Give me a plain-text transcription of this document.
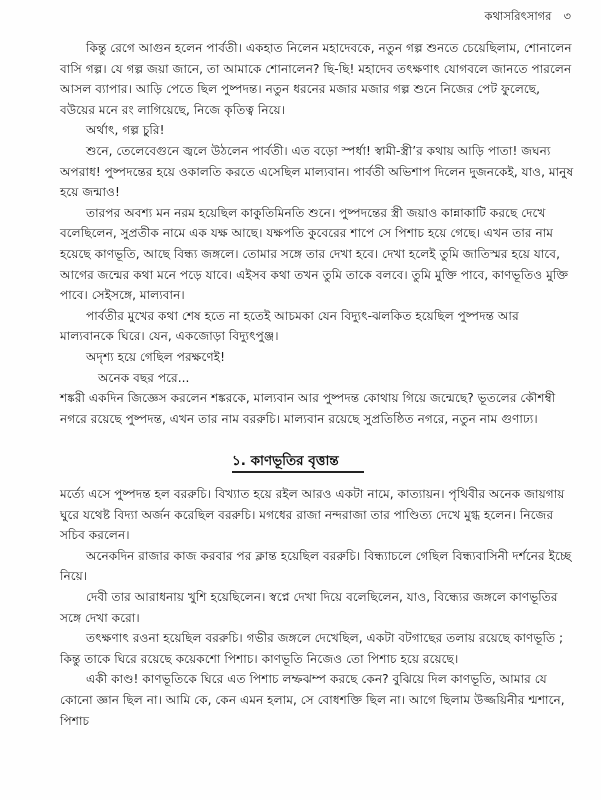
কথাসরিৎসাগর ৩

কিন্তু রেগে আগুন হলেন পার্বতী। একহাত নিলেন মহাদেবকে, নতুন গল্প শুনতে চেয়েছিলাম, শোনালেন বাসি গল্প। যে গল্প জয়া জানে, তা আমাকে শোনালেন? ছি-ছি! মহাদেব তৎক্ষণাৎ যোগবলে জানতে পারলেন আসল ব্যাপার। আড়ি পেতে ছিল পুষ্পদন্ত। নতুন ধরনের মজার মজার গল্প শুনে নিজের পেট ফুলেছে, বউয়ের মনে রং লাগিয়েছে, নিজে কৃতিত্ব নিয়ে।

অর্থাৎ, গল্প চুরি!

শুনে, তেলেবেগুনে জ্বলে উঠলেন পার্বতী। এত বড়ো স্পর্ধা! স্বামী-স্ত্রী’র কথায় আড়ি পাতা! জঘন্য অপরাধ! পুষ্পদন্তের হয়ে ওকালতি করতে এসেছিল মাল্যবান। পার্বতী অভিশাপ দিলেন দুজনকেই, যাও, মানুষ হয়ে জন্মাও!

তারপর অবশ্য মন নরম হয়েছিল কাকুতিমিনতি শুনে। পুষ্পদন্তের স্ত্রী জয়াও কান্নাকাটি করছে দেখে বলেছিলেন, সুপ্রতীক নামে এক যক্ষ আছে। যক্ষপতি কুবেরের শাপে সে পিশাচ হয়ে গেছে। এখন তার নাম হয়েছে কাণভূতি, আছে বিন্ধ্য জঙ্গলে। তোমার সঙ্গে তার দেখা হবে। দেখা হলেই তুমি জাতিস্মর হয়ে যাবে, আগের জন্মের কথা মনে পড়ে যাবে। এইসব কথা তখন তুমি তাকে বলবে। তুমি মুক্তি পাবে, কাণভূতিও মুক্তি পাবে। সেইসঙ্গে, মাল্যবান।

পার্বতীর মুখের কথা শেষ হতে না হতেই আচমকা যেন বিদ্যুৎ-ঝলকিত হয়েছিল পুষ্পদন্ত আর মাল্যবানকে ঘিরে। যেন, একজোড়া বিদ্যুৎপুঞ্জ।

অদৃশ্য হয়ে গেছিল পরক্ষণেই!

অনেক বছর পরে...

শঙ্করী একদিন জিজ্ঞেস করলেন শঙ্করকে, মাল্যবান আর পুষ্পদন্ত কোথায় গিয়ে জন্মেছে? ভূতলের কৌশম্বী নগরে রয়েছে পুষ্পদন্ত, এখন তার নাম বররুচি। মাল্যবান রয়েছে সুপ্রতিষ্ঠিত নগরে, নতুন নাম গুণাঢ্য।

১. কাণভূতির বৃত্তান্ত

মর্ত্যে এসে পুষ্পদন্ত হল বররুচি। বিখ্যাত হয়ে রইল আরও একটা নামে, কাত্যায়ন। পৃথিবীর অনেক জায়গায় ঘুরে যথেষ্ট বিদ্যা অর্জন করেছিল বররুচি। মগধের রাজা নন্দরাজা তার পাণ্ডিত্য দেখে মুগ্ধ হলেন। নিজের সচিব করলেন।

অনেকদিন রাজার কাজ করবার পর ক্লান্ত হয়েছিল বররুচি। বিন্ধ্যাচলে গেছিল বিন্ধ্যবাসিনী দর্শনের ইচ্ছে নিয়ে।

দেবী তার আরাধনায় খুশি হয়েছিলেন। স্বপ্নে দেখা দিয়ে বলেছিলেন, যাও, বিন্ধ্যের জঙ্গলে কাণভূতির সঙ্গে দেখা করো।

তৎক্ষণাৎ রওনা হয়েছিল বররুচি। গভীর জঙ্গলে দেখেছিল, একটা বটগাছের তলায় রয়েছে কাণভূতি ; কিন্তু তাকে ঘিরে রয়েছে কয়েকশো পিশাচ। কাণভূতি নিজেও তো পিশাচ হয়ে রয়েছে।

একী কাণ্ড! কাণভূতিকে ঘিরে এত পিশাচ লম্ফঝম্প করছে কেন? বুঝিয়ে দিল কাণভূতি, আমার যে কোনো জ্ঞান ছিল না। আমি কে, কেন এমন হলাম, সে বোধশক্তি ছিল না। আগে ছিলাম উজ্জয়িনীর শ্মশানে, পিশাচ
